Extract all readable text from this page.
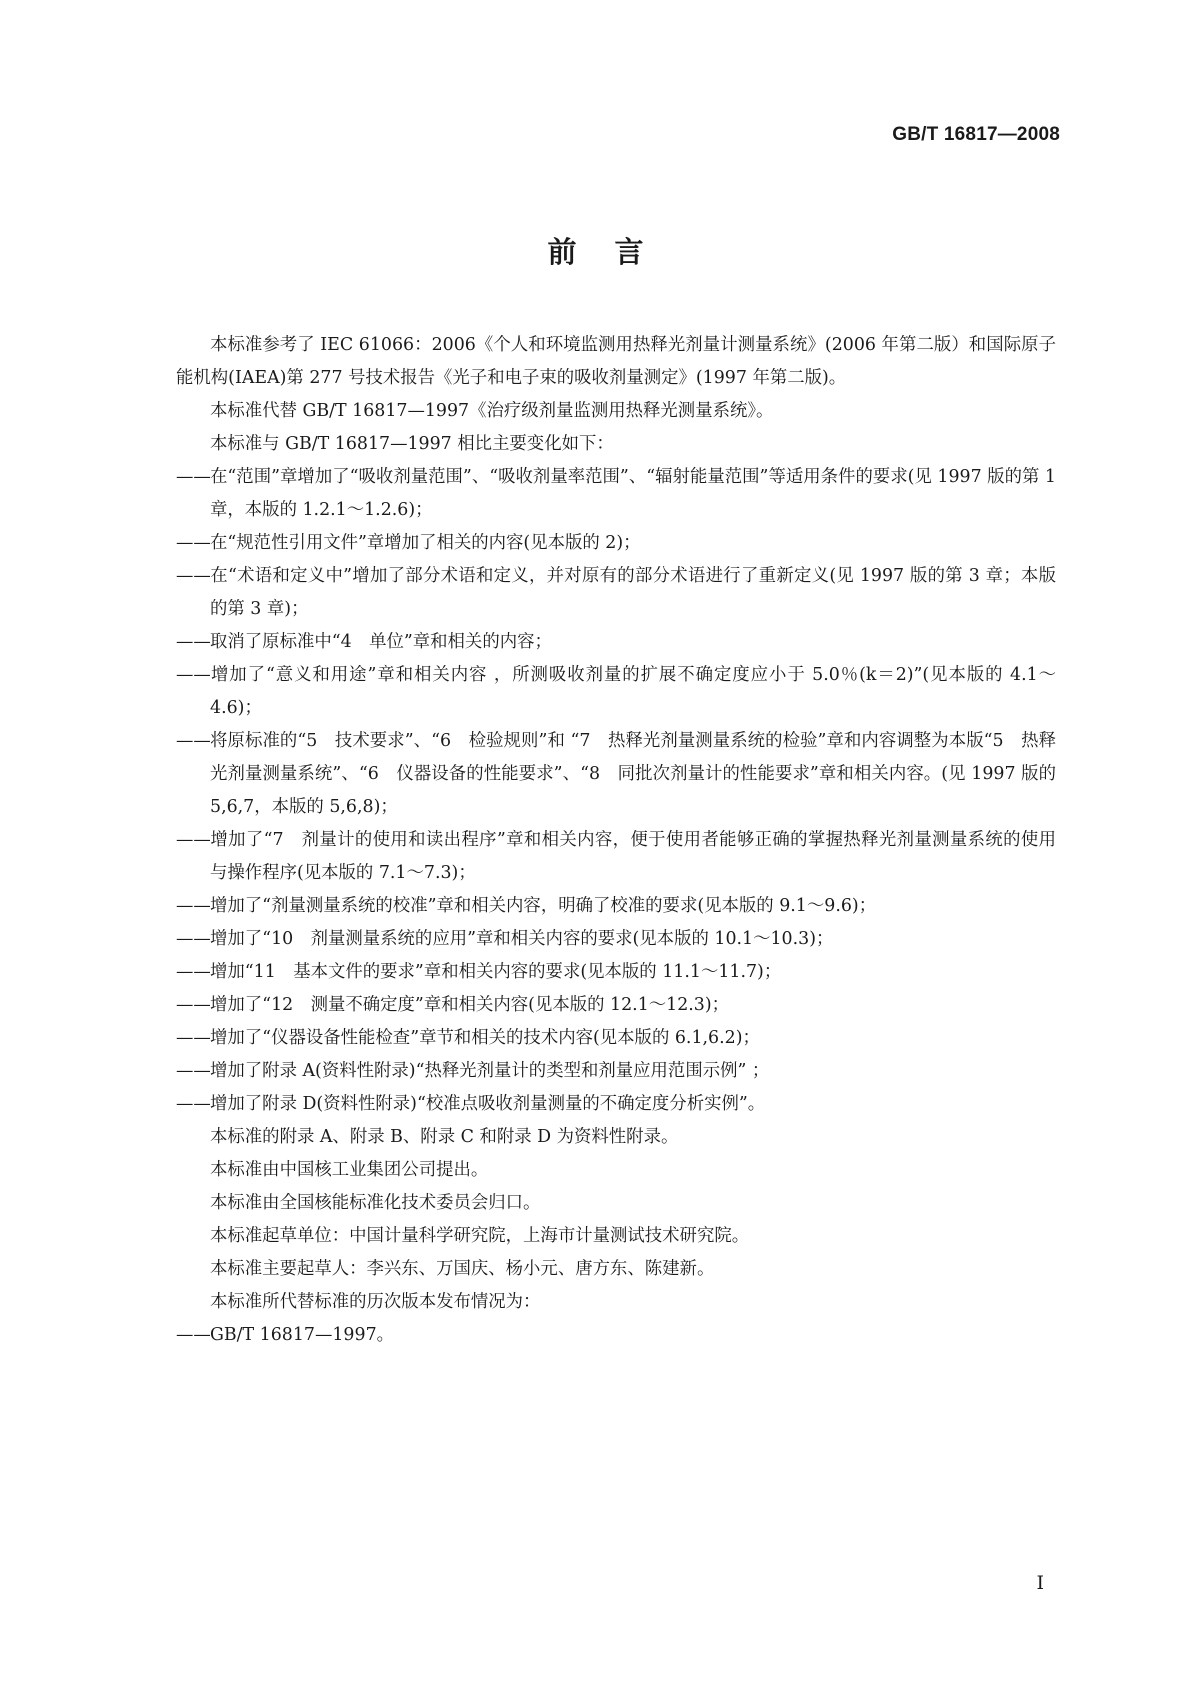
GB/T 16817—2008
前言

本标准参考了 IEC 61066：2006《个人和环境监测用热释光剂量计测量系统》(2006 年第二版）和国际原子能机构(IAEA)第 277 号技术报告《光子和电子束的吸收剂量测定》(1997 年第二版)。

本标准代替 GB/T 16817—1997《治疗级剂量监测用热释光测量系统》。

本标准与 GB/T 16817—1997 相比主要变化如下：

——在“范围”章增加了“吸收剂量范围”、“吸收剂量率范围”、“辐射能量范围”等适用条件的要求(见 1997 版的第 1 章，本版的 1.2.1～1.2.6)；

——在“规范性引用文件”章增加了相关的内容(见本版的 2)；

——在“术语和定义中”增加了部分术语和定义，并对原有的部分术语进行了重新定义(见 1997 版的第 3 章；本版的第 3 章)；

——取消了原标准中“4　单位”章和相关的内容；

——增加了“意义和用途”章和相关内容 ，所测吸收剂量的扩展不确定度应小于 5.0％(k＝2)”(见本版的 4.1～4.6)；

——将原标准的“5　技术要求”、“6　检验规则”和 “7　热释光剂量测量系统的检验”章和内容调整为本版“5　热释光剂量测量系统”、“6　仪器设备的性能要求”、“8　同批次剂量计的性能要求”章和相关内容。(见 1997 版的 5,6,7，本版的 5,6,8)；

——增加了“7　剂量计的使用和读出程序”章和相关内容，便于使用者能够正确的掌握热释光剂量测量系统的使用与操作程序(见本版的 7.1～7.3)；

——增加了“剂量测量系统的校准”章和相关内容，明确了校准的要求(见本版的 9.1～9.6)；

——增加了“10　剂量测量系统的应用”章和相关内容的要求(见本版的 10.1～10.3)；

——增加“11　基本文件的要求”章和相关内容的要求(见本版的 11.1～11.7)；

——增加了“12　测量不确定度”章和相关内容(见本版的 12.1～12.3)；

——增加了“仪器设备性能检查”章节和相关的技术内容(见本版的 6.1,6.2)；

——增加了附录 A(资料性附录)“热释光剂量计的类型和剂量应用范围示例” ；

——增加了附录 D(资料性附录)“校准点吸收剂量测量的不确定度分析实例”。

本标准的附录 A、附录 B、附录 C 和附录 D 为资料性附录。

本标准由中国核工业集团公司提出。

本标准由全国核能标准化技术委员会归口。

本标准起草单位：中国计量科学研究院，上海市计量测试技术研究院。

本标准主要起草人：李兴东、万国庆、杨小元、唐方东、陈建新。

本标准所代替标准的历次版本发布情况为：

——GB/T 16817—1997。

Ⅰ
